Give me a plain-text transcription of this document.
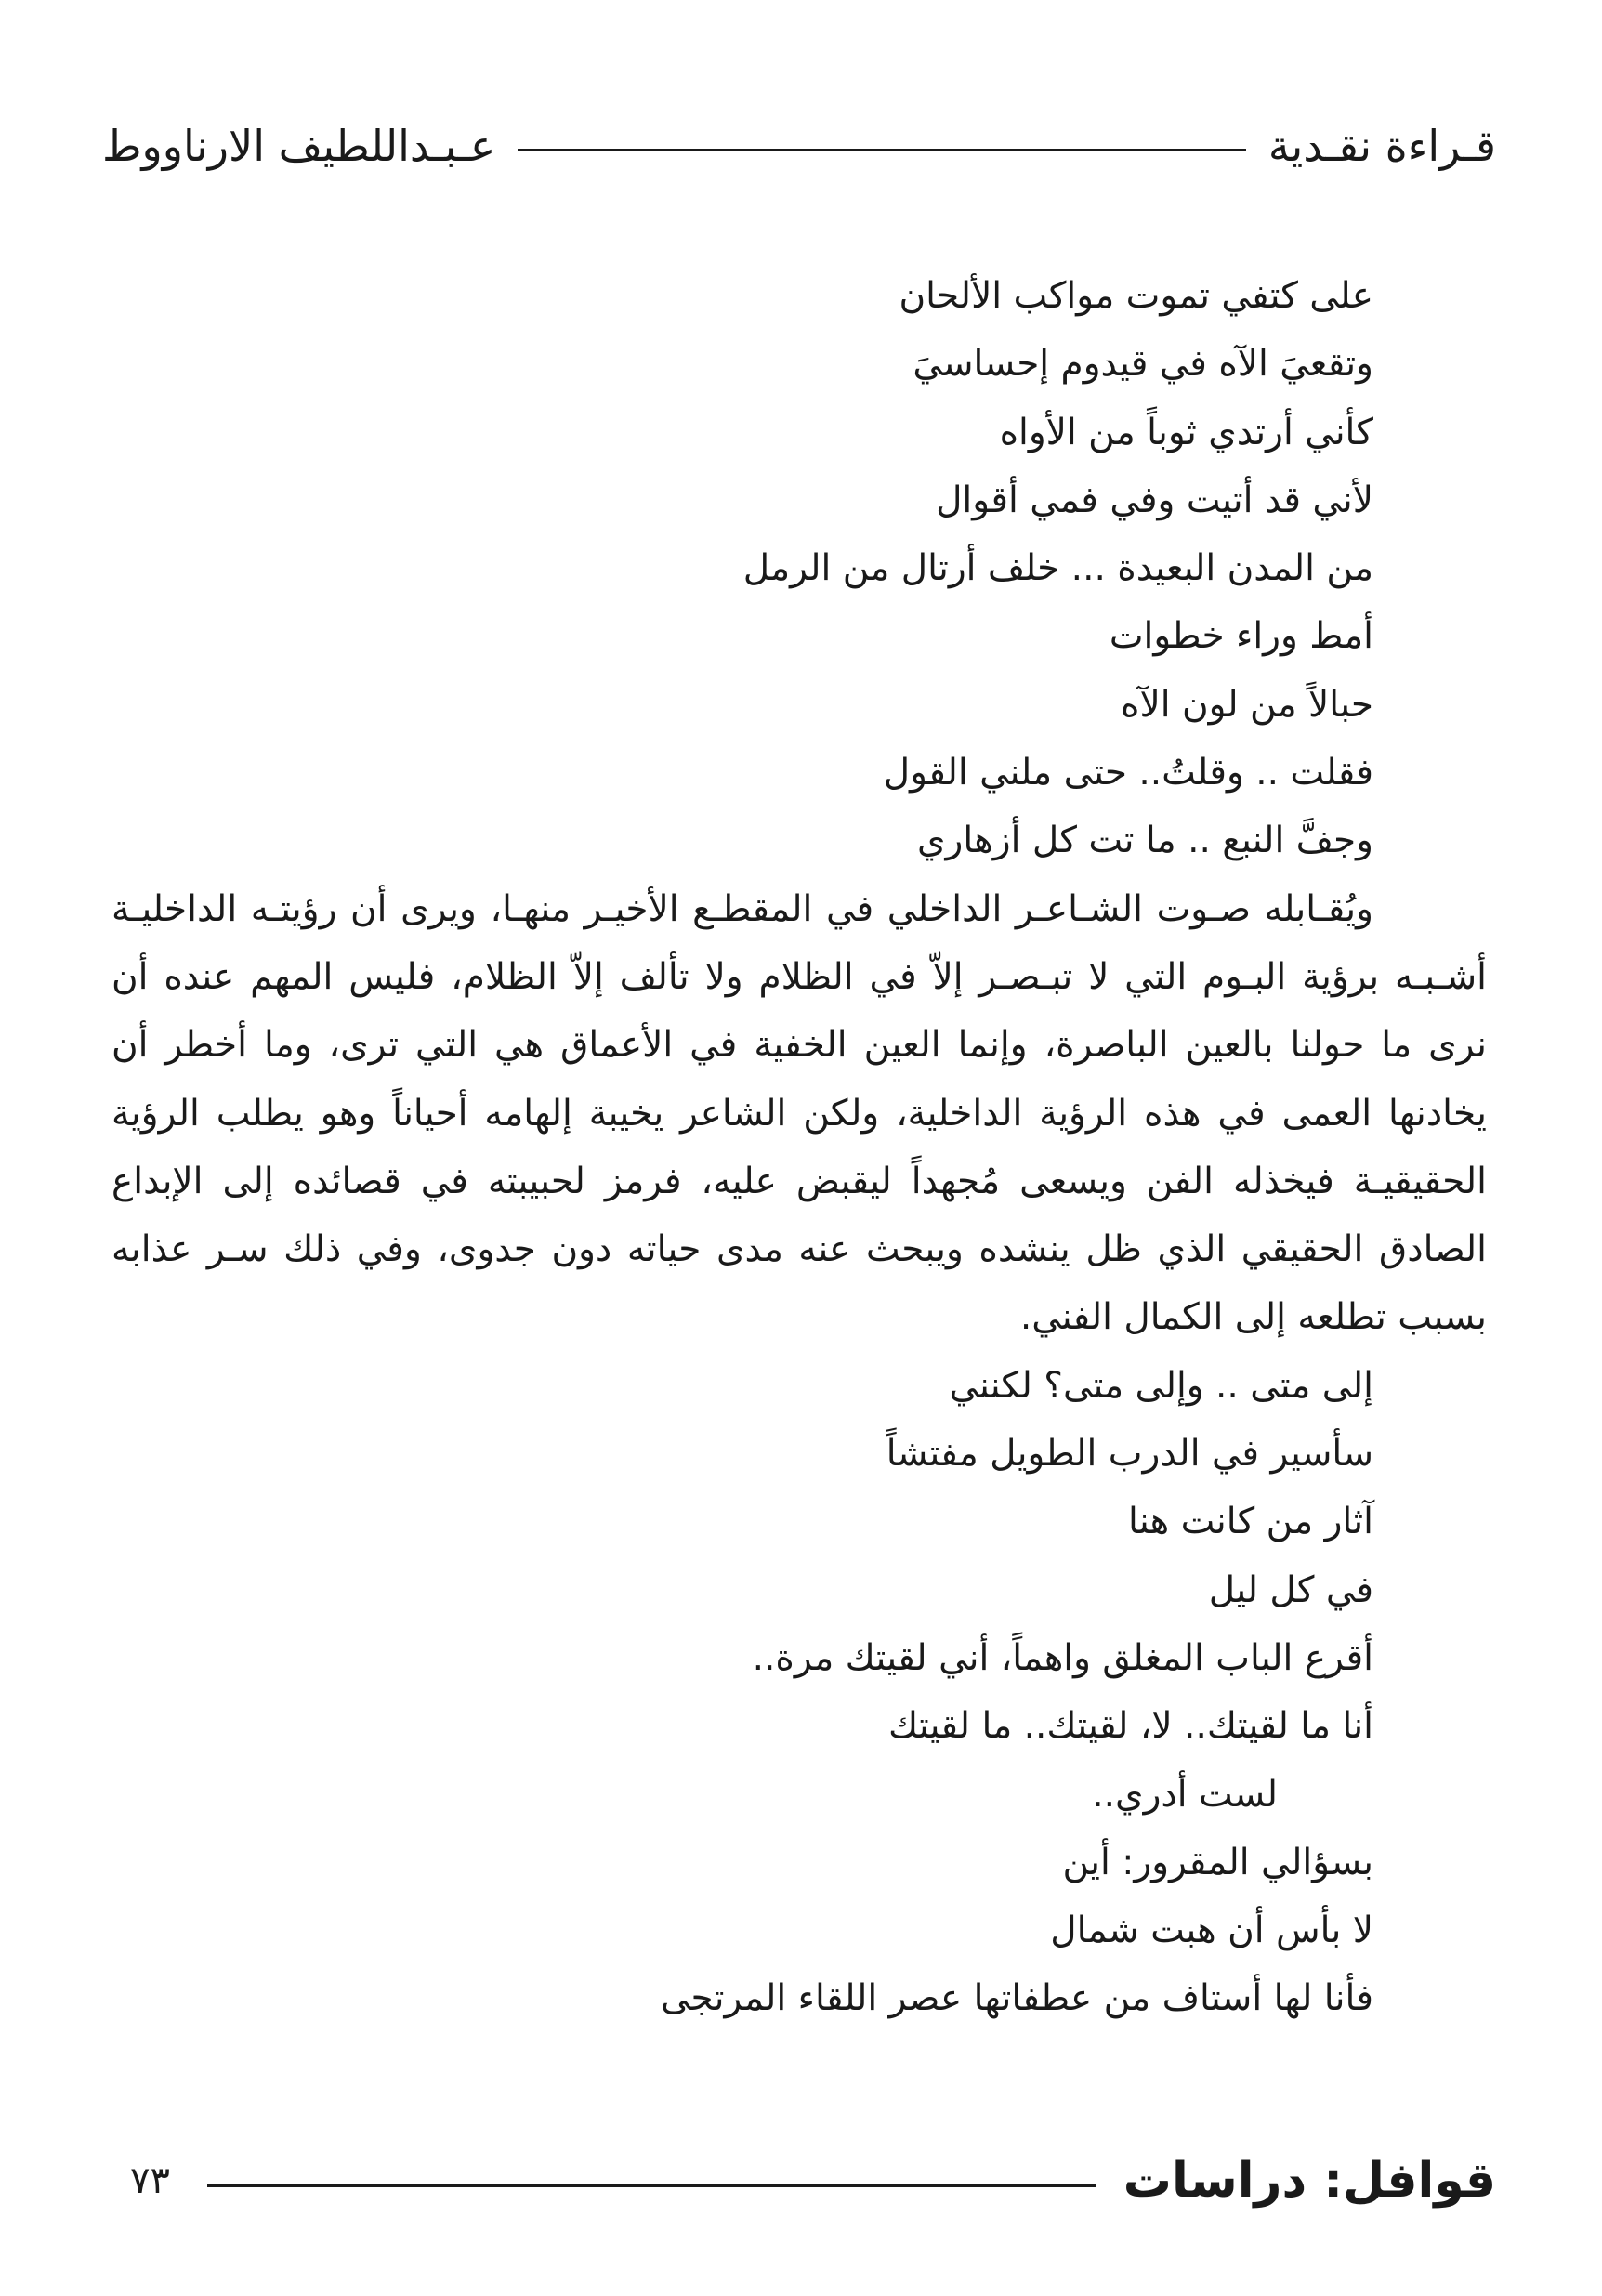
قـراءة نقـدية
عـبـداللطيف الارناووط
على كتفي تموت مواكب الألحان
وتقعيَ الآه في قيدوم إحساسيَ
كأني أرتدي ثوباً من الأواه
لأني قد أتيت وفي فمي أقوال
من المدن البعيدة ... خلف أرتال من الرمل
أمط وراء خطوات
حبالاً من لون الآه
فقلت .. وقلتُ.. حتى ملني القول
وجفَّ النبع .. ما تت كل أزهاري
ويُقـابله صـوت الشـاعـر الداخلي في المقطـع الأخيـر منهـا، ويرى أن رؤيتـه الداخليـة
أشـبـه برؤية البـوم التي لا تبـصـر إلاّ في الظلام ولا تألف إلاّ الظلام، فليس المهم عنده أن
نرى ما حولنا بالعين الباصرة، وإنما العين الخفية في الأعماق هي التي ترى، وما أخطر أن
يخادنها العمى في هذه الرؤية الداخلية، ولكن الشاعر يخيبة إلهامه أحياناً وهو يطلب الرؤية
الحقيقيـة فيخذله الفن ويسعى مُجهداً ليقبض عليه، فرمز لحبيبته في قصائده إلى الإبداع
الصادق الحقيقي الذي ظل ينشده ويبحث عنه مدى حياته دون جدوى، وفي ذلك سـر عذابه
بسبب تطلعه إلى الكمال الفني.
إلى متى .. وإلى متى؟ لكنني
سأسير في الدرب الطويل مفتشاً
آثار من كانت هنا
في كل ليل
أقرع الباب المغلق واهماً، أني لقيتك مرة..
أنا ما لقيتك.. لا، لقيتك.. ما لقيتك
لست أدري..
بسؤالي المقرور: أين
لا بأس أن هبت شمال
فأنا لها أستاف من عطفاتها عصر اللقاء المرتجى
قوافل: دراسات
٧٣
